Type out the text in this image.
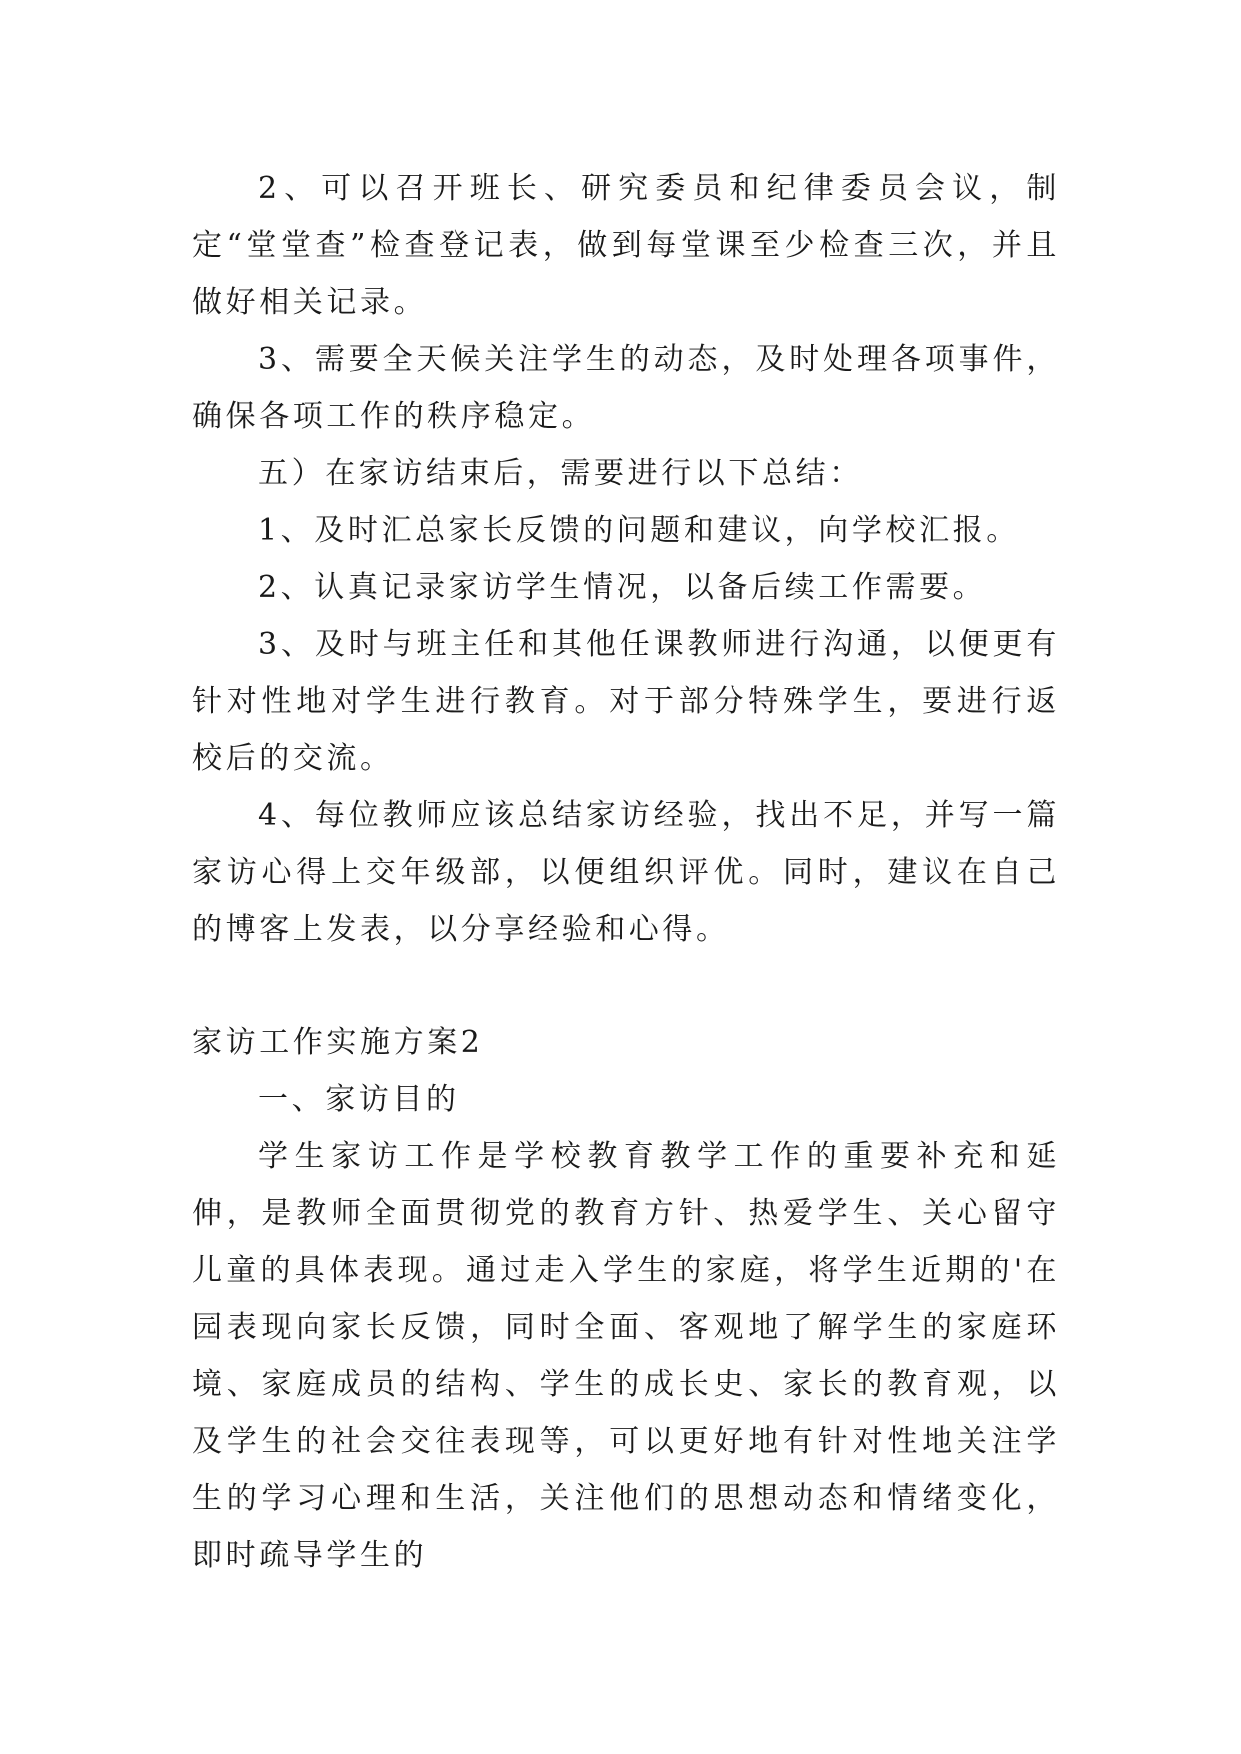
2、可以召开班长、研究委员和纪律委员会议，制定“堂堂查”检查登记表，做到每堂课至少检查三次，并且做好相关记录。

3、需要全天候关注学生的动态，及时处理各项事件，确保各项工作的秩序稳定。

五）在家访结束后，需要进行以下总结：

1、及时汇总家长反馈的问题和建议，向学校汇报。

2、认真记录家访学生情况，以备后续工作需要。

3、及时与班主任和其他任课教师进行沟通，以便更有针对性地对学生进行教育。对于部分特殊学生，要进行返校后的交流。

4、每位教师应该总结家访经验，找出不足，并写一篇家访心得上交年级部，以便组织评优。同时，建议在自己的博客上发表，以分享经验和心得。

家访工作实施方案2

一、家访目的

学生家访工作是学校教育教学工作的重要补充和延伸，是教师全面贯彻党的教育方针、热爱学生、关心留守儿童的具体表现。通过走入学生的家庭，将学生近期的'在园表现向家长反馈，同时全面、客观地了解学生的家庭环境、家庭成员的结构、学生的成长史、家长的教育观，以及学生的社会交往表现等，可以更好地有针对性地关注学生的学习心理和生活，关注他们的思想动态和情绪变化，即时疏导学生的
